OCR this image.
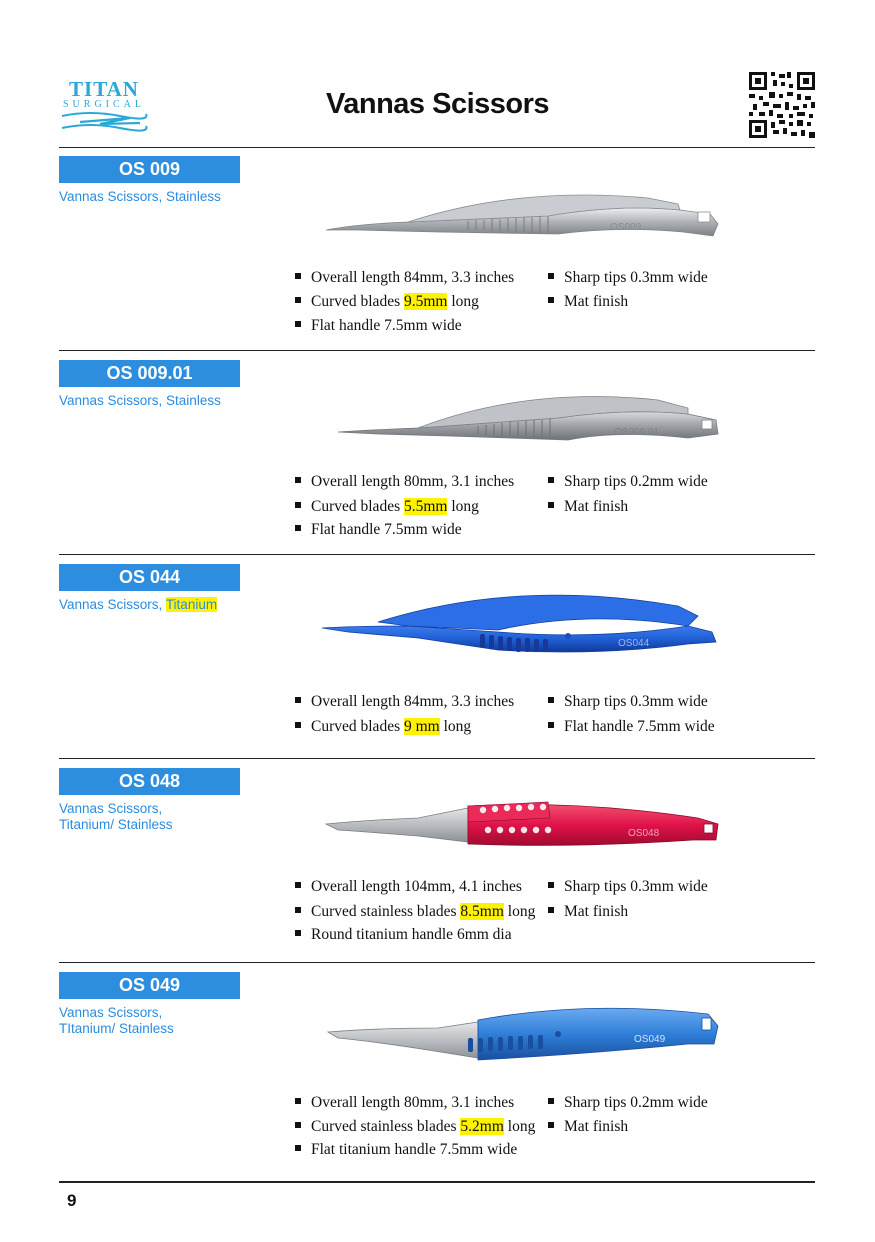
TITAN
SURGICAL	Vannas Scissors
OS 009
Vannas Scissors, Stainless
OS009
Overall length 84mm, 3.3 inches
Curved blades 9.5mm long
Flat handle 7.5mm wide
Sharp tips 0.3mm wide
Mat finish
OS 009.01
Vannas Scissors, Stainless
OS009.01
Overall length 80mm, 3.1 inches
Curved blades 5.5mm long
Flat handle 7.5mm wide
Sharp tips 0.2mm wide
Mat finish
OS 044
Vannas Scissors, Titanium
OS044
Overall length 84mm, 3.3 inches
Curved blades 9 mm long
Sharp tips 0.3mm wide
Flat handle 7.5mm wide
OS 048
Vannas Scissors,
Titanium/ Stainless
OS048
Overall length 104mm, 4.1 inches
Curved stainless blades 8.5mm long
Round titanium handle 6mm dia
Sharp tips 0.3mm wide
Mat finish
OS 049
Vannas Scissors,
TItanium/ Stainless
OS049
Overall length 80mm, 3.1 inches
Curved stainless blades 5.2mm long
Flat titanium handle 7.5mm wide
Sharp tips 0.2mm wide
Mat finish
9
